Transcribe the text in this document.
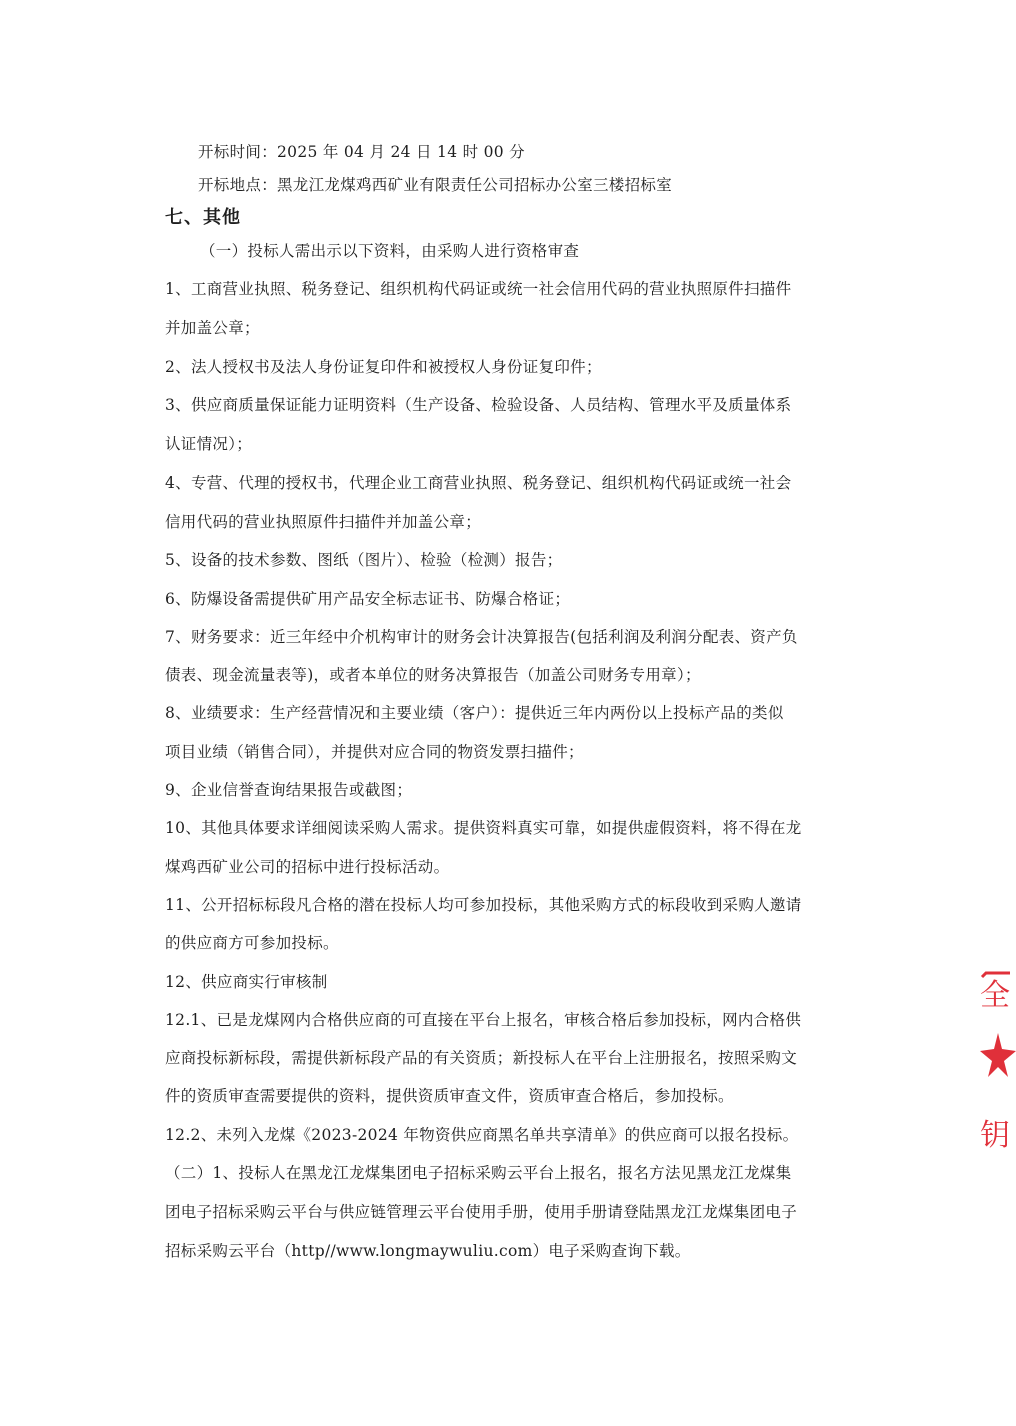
开标时间：2025 年 04 月 24 日 14 时 00 分

开标地点：黑龙江龙煤鸡西矿业有限责任公司招标办公室三楼招标室

七、其他

（一）投标人需出示以下资料，由采购人进行资格审查

1、工商营业执照、税务登记、组织机构代码证或统一社会信用代码的营业执照原件扫描件

并加盖公章；

2、法人授权书及法人身份证复印件和被授权人身份证复印件；

3、供应商质量保证能力证明资料（生产设备、检验设备、人员结构、管理水平及质量体系

认证情况）；

4、专营、代理的授权书，代理企业工商营业执照、税务登记、组织机构代码证或统一社会

信用代码的营业执照原件扫描件并加盖公章；

5、设备的技术参数、图纸（图片）、检验（检测）报告；

6、防爆设备需提供矿用产品安全标志证书、防爆合格证；

7、财务要求：近三年经中介机构审计的财务会计决算报告(包括利润及利润分配表、资产负

债表、现金流量表等)，或者本单位的财务决算报告（加盖公司财务专用章）；

8、业绩要求：生产经营情况和主要业绩（客户）：提供近三年内两份以上投标产品的类似

项目业绩（销售合同），并提供对应合同的物资发票扫描件；

9、企业信誉查询结果报告或截图；

10、其他具体要求详细阅读采购人需求。提供资料真实可靠，如提供虚假资料，将不得在龙

煤鸡西矿业公司的招标中进行投标活动。

11、公开招标标段凡合格的潜在投标人均可参加投标，其他采购方式的标段收到采购人邀请

的供应商方可参加投标。

12、供应商实行审核制

12.1、已是龙煤网内合格供应商的可直接在平台上报名，审核合格后参加投标，网内合格供

应商投标新标段，需提供新标段产品的有关资质；新投标人在平台上注册报名，按照采购文

件的资质审查需要提供的资料，提供资质审查文件，资质审查合格后，参加投标。

12.2、未列入龙煤《2023-2024 年物资供应商黑名单共享清单》的供应商可以报名投标。

（二）1、投标人在黑龙江龙煤集团电子招标采购云平台上报名，报名方法见黑龙江龙煤集

团电子招标采购云平台与供应链管理云平台使用手册，使用手册请登陆黑龙江龙煤集团电子

招标采购云平台（http//www.longmaywuliu.com）电子采购查询下载。

全
钥
